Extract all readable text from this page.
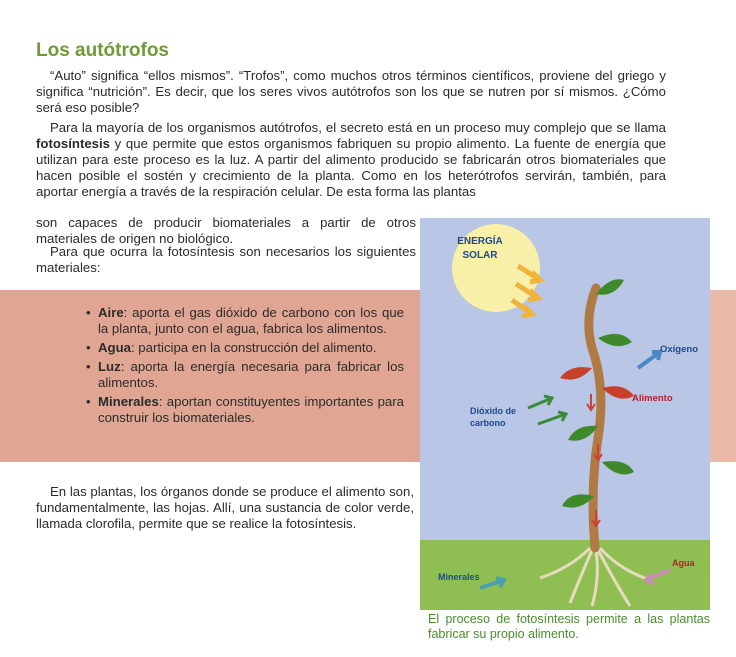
Los autótrofos

“Auto” significa “ellos mismos”. “Trofos”, como muchos otros términos científicos, proviene del griego y significa “nutrición”. Es decir, que los seres vivos autótrofos son los que se nutren por sí mismos. ¿Cómo será eso posible?

Para la mayoría de los organismos autótrofos, el secreto está en un proceso muy complejo que se llama fotosíntesis y que permite que estos organismos fabriquen su propio alimento. La fuente de energía que utilizan para este proceso es la luz. A partir del alimento producido se fabricarán otros biomateriales que hacen posible el sostén y crecimiento de la planta. Como en los heterótrofos servirán, también, para aportar energía a través de la respiración celular. De esta forma las plantas

son capaces de producir biomateriales a partir de otros materiales de origen no biológico.

Para que ocurra la fotosíntesis son necesarios los siguientes materiales:

• Aire: aporta el gas dióxido de carbono con los que la planta, junto con el agua, fabrica los alimentos.
• Agua: participa en la construcción del alimento.
• Luz: aporta la energía necesaria para fabricar los alimentos.
• Minerales: aportan constituyentes importantes para construir los biomateriales.

En las plantas, los órganos donde se produce el alimento son, fundamentalmente, las hojas. Allí, una sustancia de color verde, llamada clorofila, permite que se realice la fotosíntesis.

ENERGÍA
SOLAR
Oxígeno
Alimento
Dióxido de
carbono
Agua
Minerales
El proceso de fotosíntesis permite a las plantas fabricar su propio alimento.
